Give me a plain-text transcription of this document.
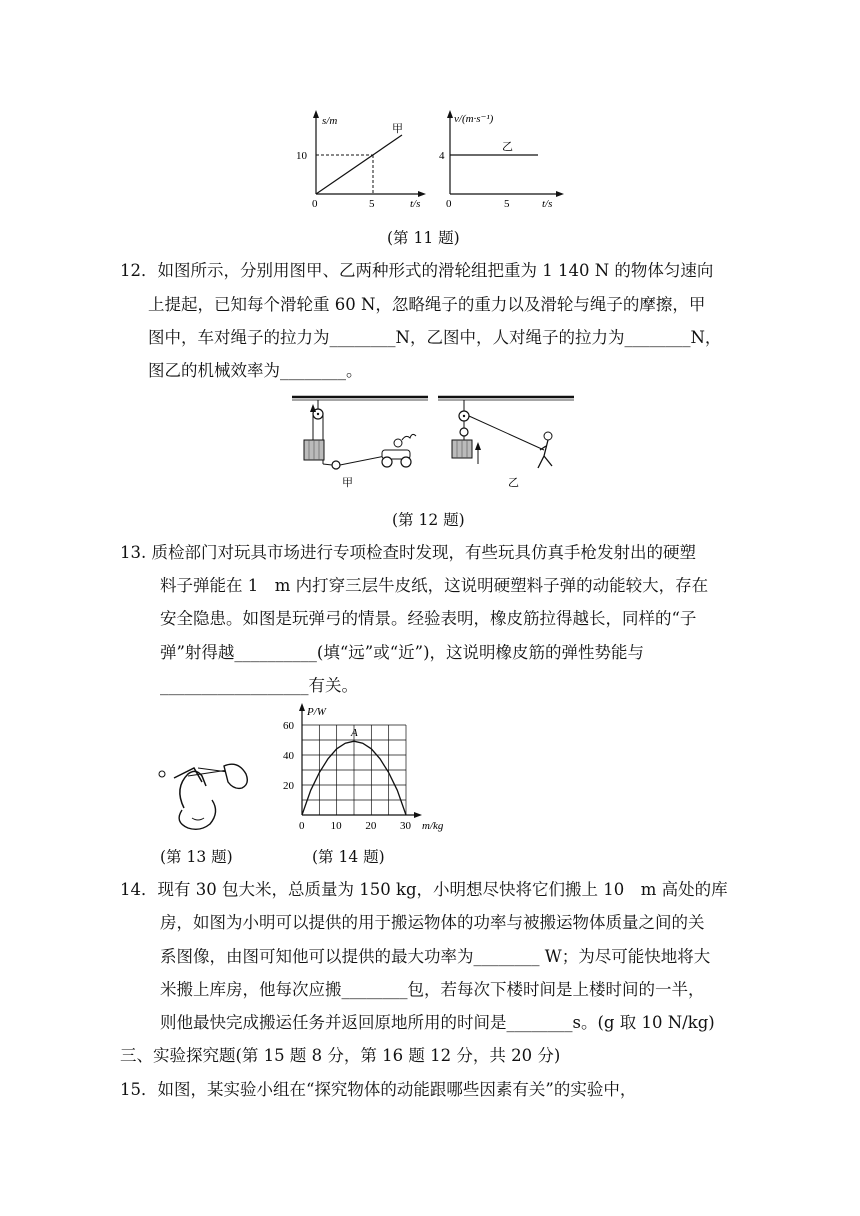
s/m
甲
10
0	5	t/s
v/(m·s⁻¹)
乙
4
0	5	t/s
(第 11 题)
12．如图所示，分别用图甲、乙两种形式的滑轮组把重为 1 140 N 的物体匀速向
上提起，已知每个滑轮重 60 N，忽略绳子的重力以及滑轮与绳子的摩擦，甲
图中，车对绳子的拉力为________N，乙图中，人对绳子的拉力为________N，
图乙的机械效率为________。
甲	乙
(第 12 题)
13. 质检部门对玩具市场进行专项检查时发现，有些玩具仿真手枪发射出的硬塑
料子弹能在 1　m 内打穿三层牛皮纸，这说明硬塑料子弹的动能较大，存在
安全隐患。如图是玩弹弓的情景。经验表明，橡皮筋拉得越长，同样的“子
弹”射得越__________(填“远”或“近”)，这说明橡皮筋的弹性势能与
__________________有关。
60
40
20
0 10 20 30
P/W
m/kg
A
(第 13 题)	(第 14 题)
14．现有 30 包大米，总质量为 150 kg，小明想尽快将它们搬上 10　m 高处的库
房，如图为小明可以提供的用于搬运物体的功率与被搬运物体质量之间的关
系图像，由图可知他可以提供的最大功率为________ W；为尽可能快地将大
米搬上库房，他每次应搬________包，若每次下楼时间是上楼时间的一半，
则他最快完成搬运任务并返回原地所用的时间是________s。(g 取 10 N/kg)
三、实验探究题(第 15 题 8 分，第 16 题 12 分，共 20 分)
15．如图，某实验小组在“探究物体的动能跟哪些因素有关”的实验中，
